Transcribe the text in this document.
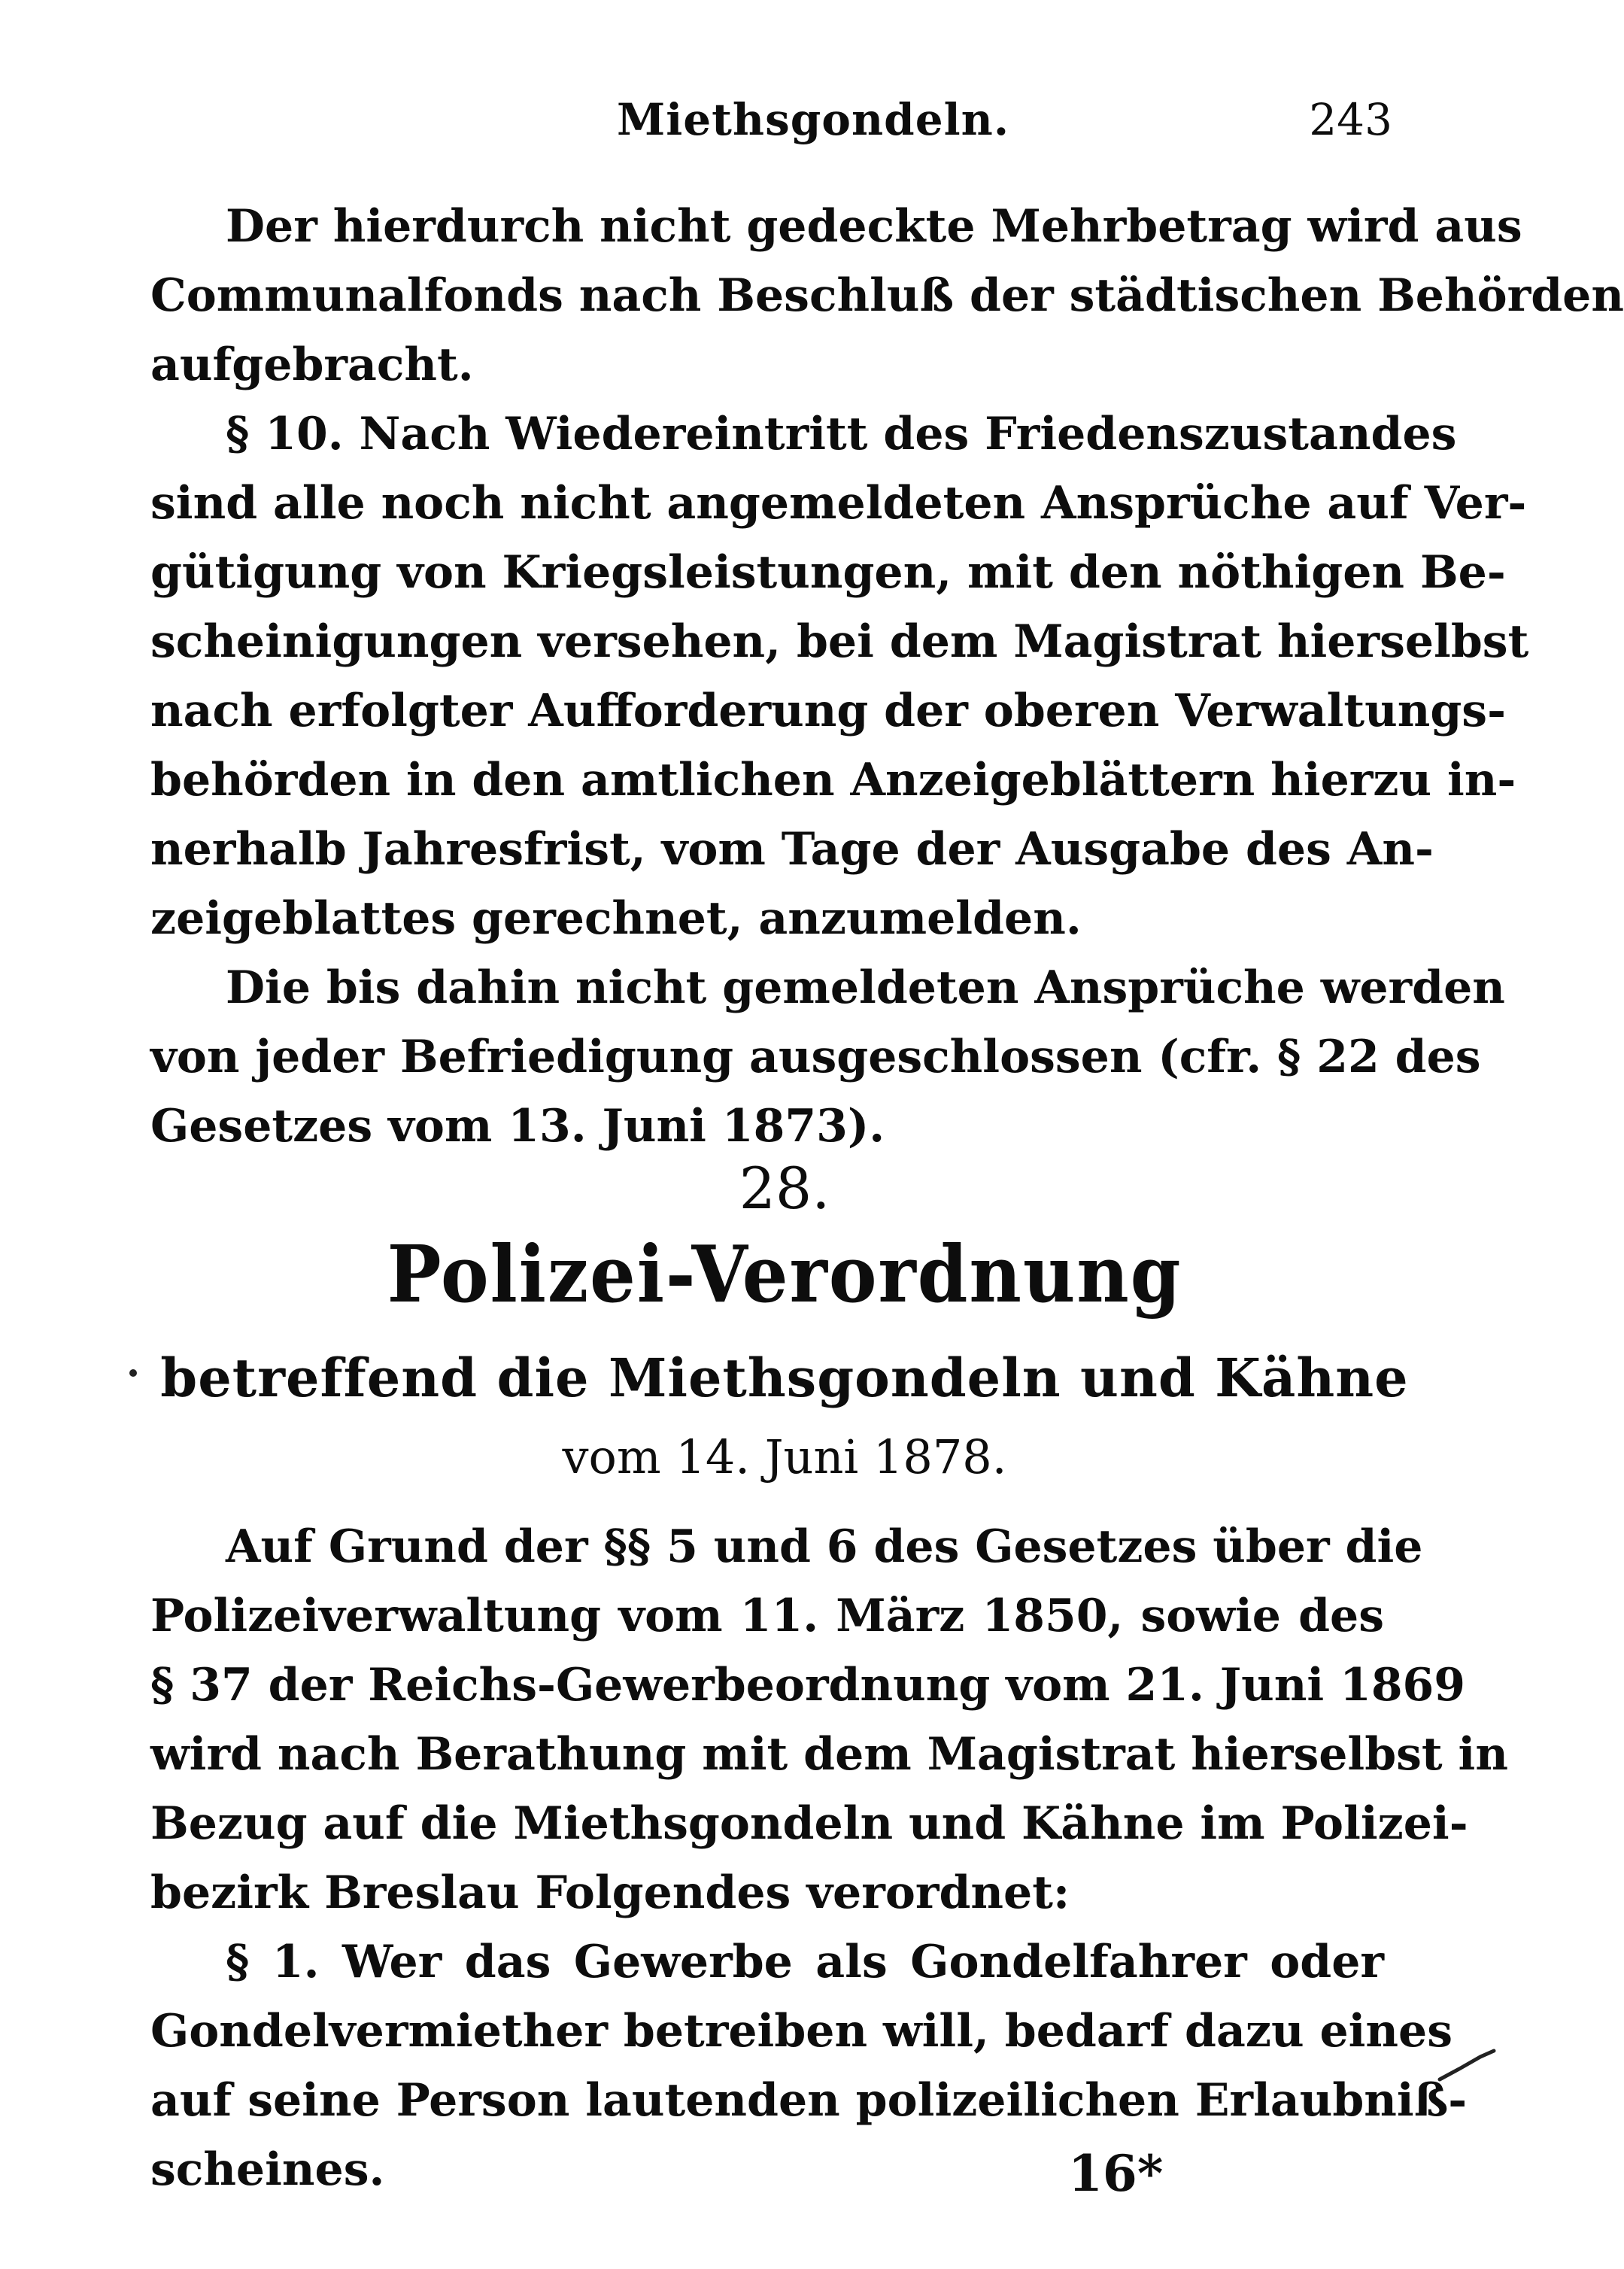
Miethsgondeln.	243
Der hierdurch nicht gedeckte Mehrbetrag wird aus
Communalfonds nach Beschluß der städtischen Behörden
aufgebracht.
§ 10. Nach Wiedereintritt des Friedenszustandes
sind alle noch nicht angemeldeten Ansprüche auf Ver-
gütigung von Kriegsleistungen, mit den nöthigen Be-
scheinigungen versehen, bei dem Magistrat hierselbst
nach erfolgter Aufforderung der oberen Verwaltungs-
behörden in den amtlichen Anzeigeblättern hierzu in-
nerhalb Jahresfrist, vom Tage der Ausgabe des An-
zeigeblattes gerechnet, anzumelden.
Die bis dahin nicht gemeldeten Ansprüche werden
von jeder Befriedigung ausgeschlossen (cfr. § 22 des
Gesetzes vom 13. Juni 1873).
28.
Polizei-Verordnung
betreffend die Miethsgondeln und Kähne
vom 14. Juni 1878.
Auf Grund der §§ 5 und 6 des Gesetzes über die
Polizeiverwaltung vom 11. März 1850, sowie des
§ 37 der Reichs-Gewerbeordnung vom 21. Juni 1869
wird nach Berathung mit dem Magistrat hierselbst in
Bezug auf die Miethsgondeln und Kähne im Polizei-
bezirk Breslau Folgendes verordnet:
§ 1. Wer das Gewerbe als Gondelfahrer oder
Gondelvermiether betreiben will, bedarf dazu eines
auf seine Person lautenden polizeilichen Erlaubniß-
scheines.	16*
